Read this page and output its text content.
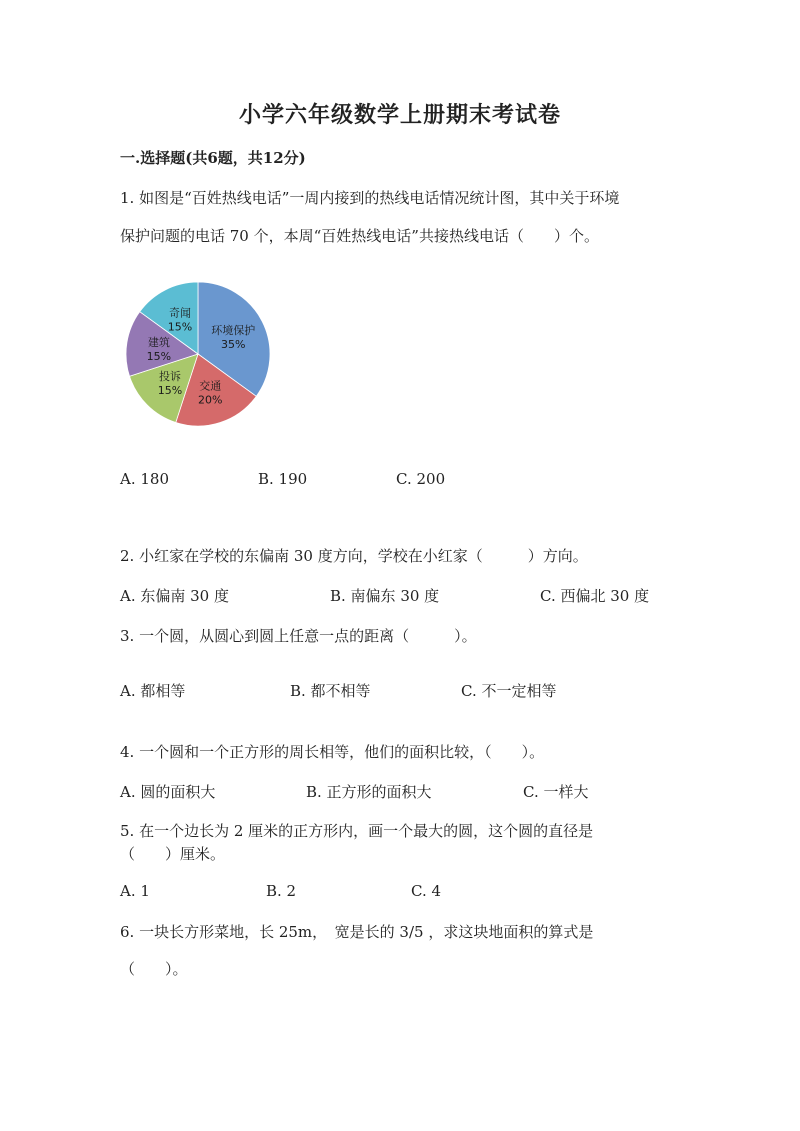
小学六年级数学上册期末考试卷
一.选择题(共6题，共12分)
1. 如图是“百姓热线电话”一周内接到的热线电话情况统计图，其中关于环境
保护问题的电话 70 个，本周“百姓热线电话”共接热线电话（　　）个。
环境保护
35%
交通
20%
投诉
15%
建筑
15%
奇闻
15%
A. 180	B. 190	C. 200
2. 小红家在学校的东偏南 30 度方向，学校在小红家（　　　）方向。
A. 东偏南 30 度	B. 南偏东 30 度	C. 西偏北 30 度
3. 一个圆，从圆心到圆上任意一点的距离（　　　）。
A. 都相等	B. 都不相等	C. 不一定相等
4. 一个圆和一个正方形的周长相等，他们的面积比较，（　　）。
A. 圆的面积大	B. 正方形的面积大	C. 一样大
5. 在一个边长为 2 厘米的正方形内，画一个最大的圆，这个圆的直径是
（　　）厘米。
A. 1	B. 2	C. 4
6. 一块长方形菜地，长 25m，　宽是长的 3/5 ，求这块地面积的算式是
（　　）。
